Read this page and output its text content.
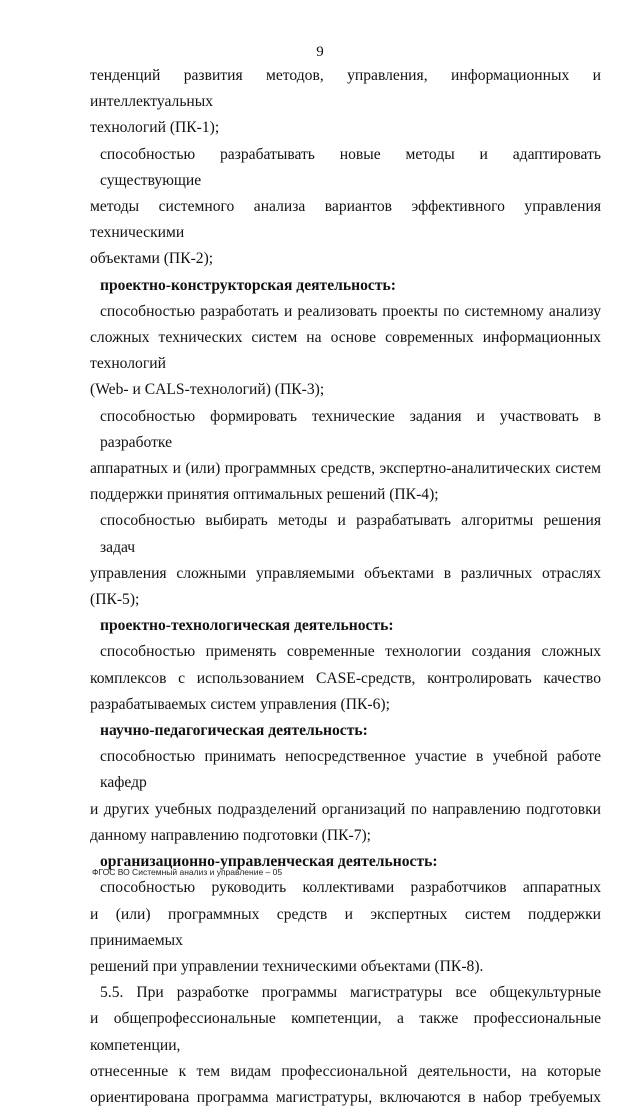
9
тенденций развития методов, управления, информационных и интеллектуальных
технологий (ПК-1);
способностью разрабатывать новые методы и адаптировать существующие
методы системного анализа вариантов эффективного управления техническими
объектами (ПК-2);
проектно-конструкторская деятельность:
способностью разработать и реализовать проекты по системному анализу
сложных технических систем на основе современных информационных технологий
(Web- и CALS-технологий) (ПК-3);
способностью формировать технические задания и участвовать в разработке
аппаратных и (или) программных средств, экспертно-аналитических систем
поддержки принятия оптимальных решений (ПК-4);
способностью выбирать методы и разрабатывать алгоритмы решения задач
управления сложными управляемыми объектами в различных отраслях (ПК-5);
проектно-технологическая деятельность:
способностью применять современные технологии создания сложных
комплексов с использованием CASE-средств, контролировать качество
разрабатываемых систем управления (ПК-6);
научно-педагогическая деятельность:
способностью принимать непосредственное участие в учебной работе кафедр
и других учебных подразделений организаций по направлению подготовки
данному направлению подготовки (ПК-7);
организационно-управленческая деятельность:
способностью руководить коллективами разработчиков аппаратных
и (или) программных средств и экспертных систем поддержки принимаемых
решений при управлении техническими объектами (ПК-8).
5.5. При разработке программы магистратуры все общекультурные
и общепрофессиональные компетенции, а также профессиональные компетенции,
отнесенные к тем видам профессиональной деятельности, на которые
ориентирована программа магистратуры, включаются в набор требуемых
ФГОС ВО Системный анализ и управление – 05
